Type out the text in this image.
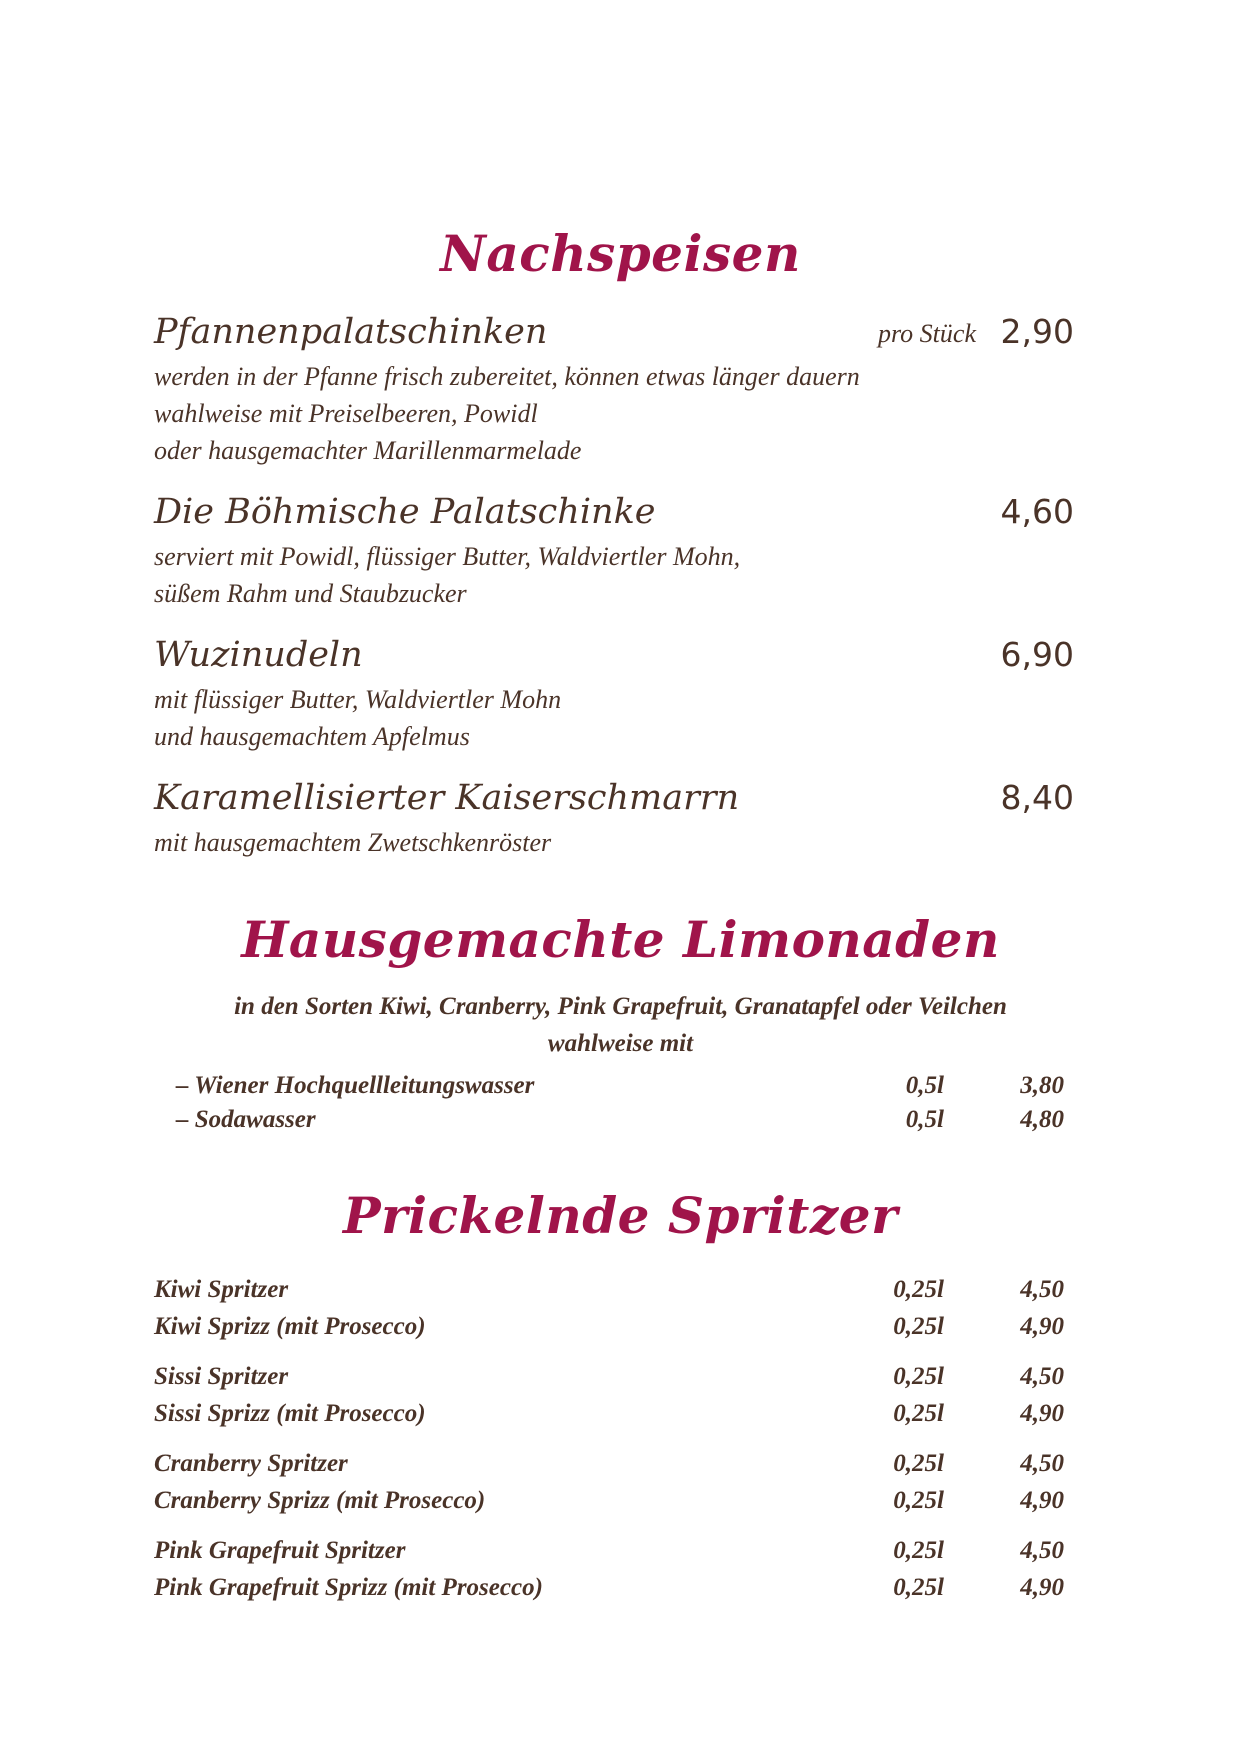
Nachspeisen
Pfannenpalatschinken	pro Stück 2,90
werden in der Pfanne frisch zubereitet, können etwas länger dauern
wahlweise mit Preiselbeeren, Powidl
oder hausgemachter Marillenmarmelade
Die Böhmische Palatschinke	4,60
serviert mit Powidl, flüssiger Butter, Waldviertler Mohn,
süßem Rahm und Staubzucker
Wuzinudeln	6,90
mit flüssiger Butter, Waldviertler Mohn
und hausgemachtem Apfelmus
Karamellisierter Kaiserschmarrn	8,40
mit hausgemachtem Zwetschkenröster
Hausgemachte Limonaden
in den Sorten Kiwi, Cranberry, Pink Grapefruit, Granatapfel oder Veilchen
wahlweise mit
– Wiener Hochquellleitungswasser	0,5l	3,80
– Sodawasser	0,5l	4,80
Prickelnde Spritzer
Kiwi Spritzer	0,25l	4,50
Kiwi Sprizz (mit Prosecco)	0,25l	4,90
Sissi Spritzer	0,25l	4,50
Sissi Sprizz (mit Prosecco)	0,25l	4,90
Cranberry Spritzer	0,25l	4,50
Cranberry Sprizz (mit Prosecco)	0,25l	4,90
Pink Grapefruit Spritzer	0,25l	4,50
Pink Grapefruit Sprizz (mit Prosecco)	0,25l	4,90
